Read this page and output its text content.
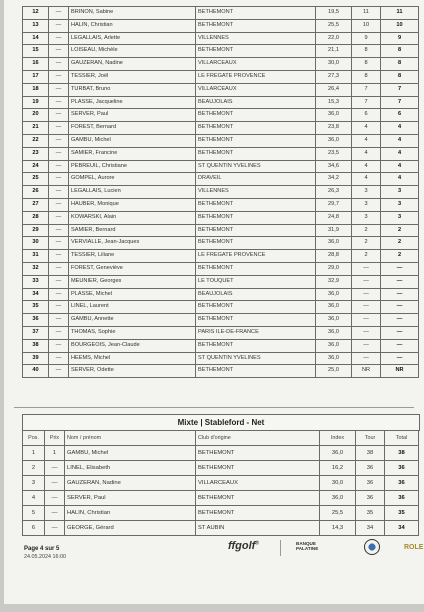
12	—	BRINON, Sabine	BETHEMONT	19,5	11	11
13	—	HALIN, Christian	BETHEMONT	25,5	10	10
14	—	LEGALLAIS, Arlette	VILLENNES	22,0	9	9
15	—	LOISEAU, Michèle	BETHEMONT	21,1	8	8
16	—	GAUZERAN, Nadine	VILLARCEAUX	30,0	8	8
17	—	TESSIER, Joël	LE FREGATE PROVENCE	27,3	8	8
18	—	TURBAT, Bruno	VILLARCEAUX	26,4	7	7
19	—	PLASSE, Jacqueline	BEAUJOLAIS	15,3	7	7
20	—	SERVER, Paul	BETHEMONT	36,0	6	6
21	—	FOREST, Bernard	BETHEMONT	23,8	4	4
22	—	GAMBU, Michel	BETHEMONT	36,0	4	4
23	—	SAMIER, Francine	BETHEMONT	23,5	4	4
24	—	PEBREUIL, Christiane	ST QUENTIN YVELINES	34,6	4	4
25	—	GOMPEL, Aurore	DRAVEIL	34,2	4	4
26	—	LEGALLAIS, Lucien	VILLENNES	26,3	3	3
27	—	HAUBER, Monique	BETHEMONT	29,7	3	3
28	—	KOWARSKI, Alain	BETHEMONT	24,8	3	3
29	—	SAMIER, Bernard	BETHEMONT	31,9	2	2
30	—	VERVIALLE, Jean-Jacques	BETHEMONT	36,0	2	2
31	—	TESSIER, Liliane	LE FREGATE PROVENCE	28,8	2	2
32	—	FOREST, Geneviève	BETHEMONT	29,0	—	—
33	—	MEUNIER, Georges	LE TOUQUET	32,9	—	—
34	—	PLASSE, Michel	BEAUJOLAIS	36,0	—	—
35	—	LINEL, Laurent	BETHEMONT	36,0	—	—
36	—	GAMBU, Annette	BETHEMONT	36,0	—	—
37	—	THOMAS, Sophie	PARIS ILE-DE-FRANCE	36,0	—	—
38	—	BOURGEOIS, Jean-Claude	BETHEMONT	36,0	—	—
39	—	HEEMS, Michel	ST QUENTIN YVELINES	36,0	—	—
40	—	SERVER, Odette	BETHEMONT	25,0	NR	NR
Mixte | Stableford - Net
Pos.	Prix	Nom / prénom	Club d'origine	Index	Tour	Total
1	1	GAMBU, Michel	BETHEMONT	36,0	38	38
2	—	LINEL, Elisabeth	BETHEMONT	16,2	36	36
3	—	GAUZERAN, Nadine	VILLARCEAUX	30,0	36	36
4	—	SERVER, Paul	BETHEMONT	36,0	36	36
5	—	HALIN, Christian	BETHEMONT	25,5	35	35
6	—	GEORGE, Gérard	ST AUBIN	14,3	34	34
Page 4 sur 5
24.05.2024 16:00
ffgolf®	BANQUE
PALATINE	ROLE
